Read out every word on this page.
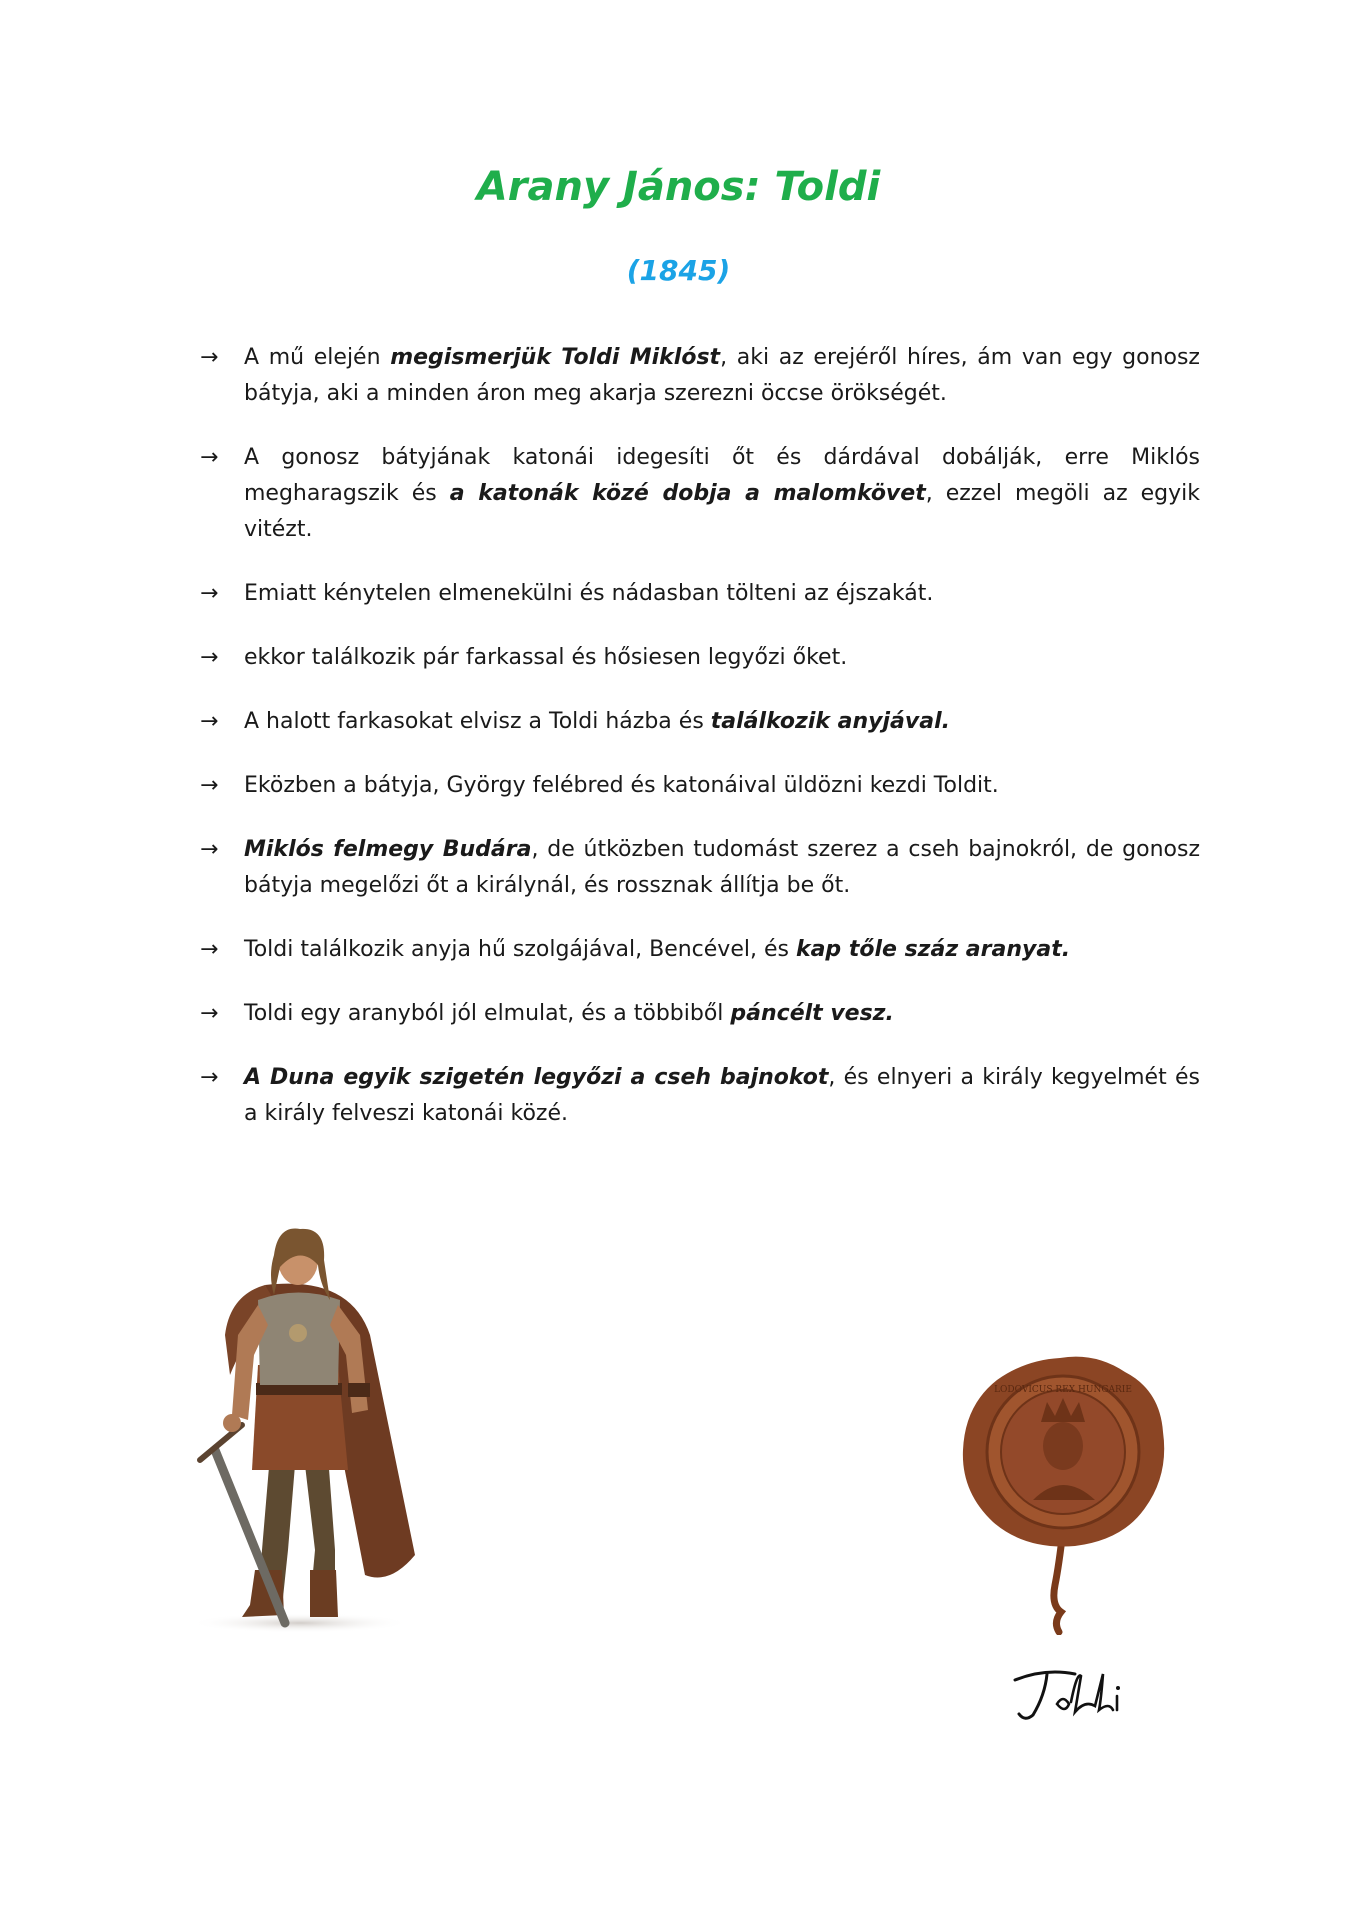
Arany János: Toldi
(1845)
→	A mű elején megismerjük Toldi Miklóst, aki az erejéről híres, ám van egy gonosz bátyja, aki a minden áron meg akarja szerezni öccse örökségét.
→	A gonosz bátyjának katonái idegesíti őt és dárdával dobálják, erre Miklós megharagszik és a katonák közé dobja a malomkövet, ezzel megöli az egyik vitézt.
→	Emiatt kénytelen elmenekülni és nádasban tölteni az éjszakát.
→	ekkor találkozik pár farkassal és hősiesen legyőzi őket.
→	A halott farkasokat elvisz a Toldi házba és találkozik anyjával.
→	Eközben a bátyja, György felébred és katonáival üldözni kezdi Toldit.
→	Miklós felmegy Budára, de útközben tudomást szerez a cseh bajnokról, de gonosz bátyja megelőzi őt a királynál, és rossznak állítja be őt.
→	Toldi találkozik anyja hű szolgájával, Bencével, és kap tőle száz aranyat.
→	Toldi egy aranyból jól elmulat, és a többiből páncélt vesz.
→	A Duna egyik szigetén legyőzi a cseh bajnokot, és elnyeri a király kegyelmét és a király felveszi katonái közé.
LODOVICUS REX HUNGARIE
